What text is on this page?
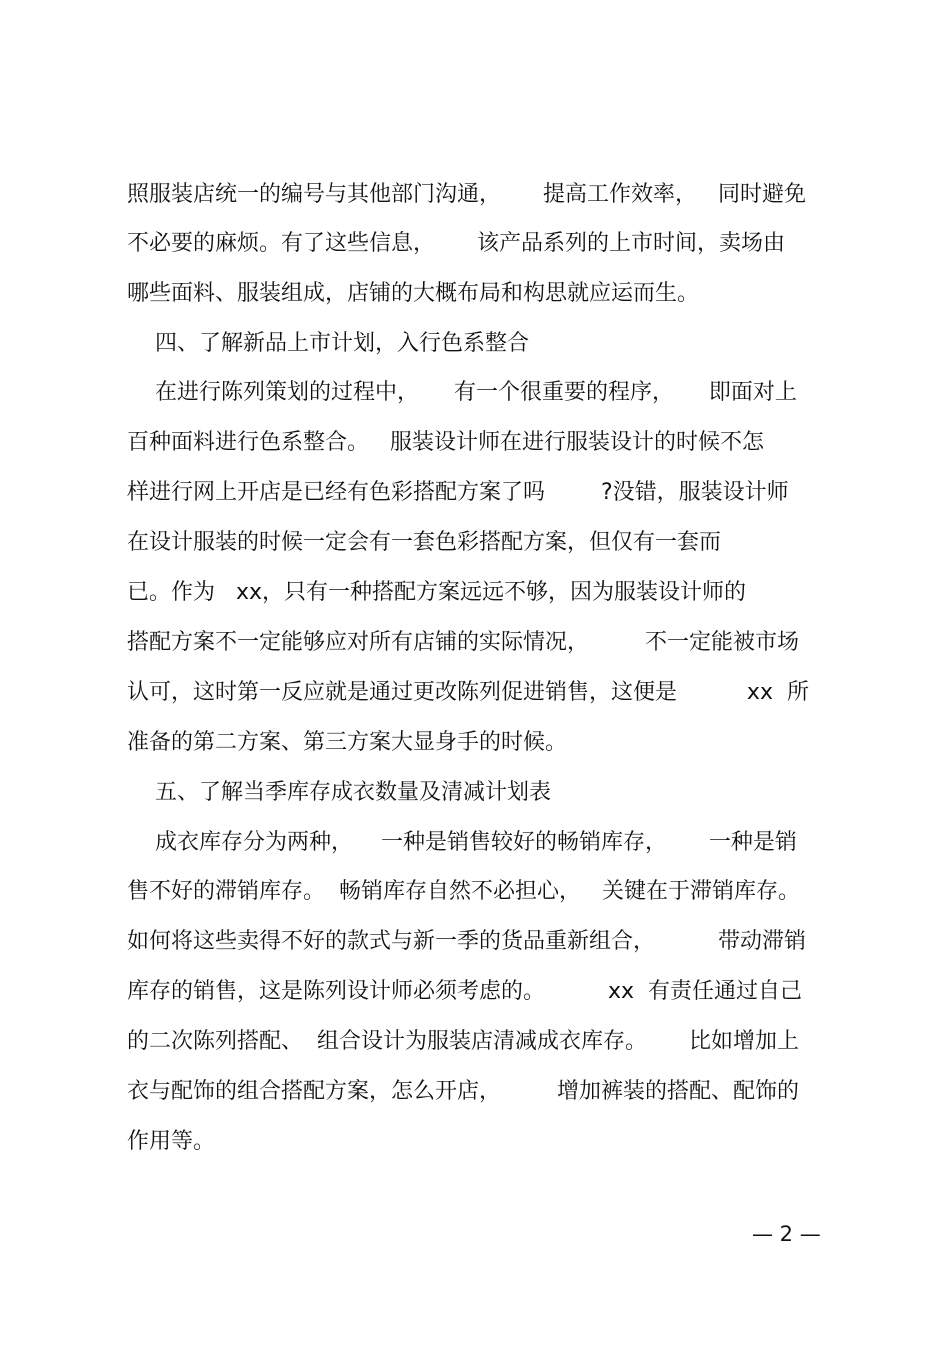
照服装店统一的编号与其他部门沟通，      提高工作效率，   同时避免
不必要的麻烦。有了这些信息，      该产品系列的上市时间，卖场由
哪些面料、服装组成，店铺的大概布局和构思就应运而生。
四、了解新品上市计划，入行色系整合
在进行陈列策划的过程中，     有一个很重要的程序，     即面对上
百种面料进行色系整合。   服装设计师在进行服装设计的时候不怎
样进行网上开店是已经有色彩搭配方案了吗        ?没错，服装设计师
在设计服装的时候一定会有一套色彩搭配方案，但仅有一套而
已。作为   xx，只有一种搭配方案远远不够，因为服装设计师的
搭配方案不一定能够应对所有店铺的实际情况，        不一定能被市场
认可，这时第一反应就是通过更改陈列促进销售，这便是          xx  所
准备的第二方案、第三方案大显身手的时候。
五、了解当季库存成衣数量及清减计划表
成衣库存分为两种，    一种是销售较好的畅销库存，      一种是销
售不好的滞销库存。  畅销库存自然不必担心，   关键在于滞销库存。
如何将这些卖得不好的款式与新一季的货品重新组合，         带动滞销
库存的销售，这是陈列设计师必须考虑的。         xx  有责任通过自己
的二次陈列搭配、  组合设计为服装店清减成衣库存。      比如增加上
衣与配饰的组合搭配方案，怎么开店，        增加裤装的搭配、配饰的
作用等。
— 2 —
